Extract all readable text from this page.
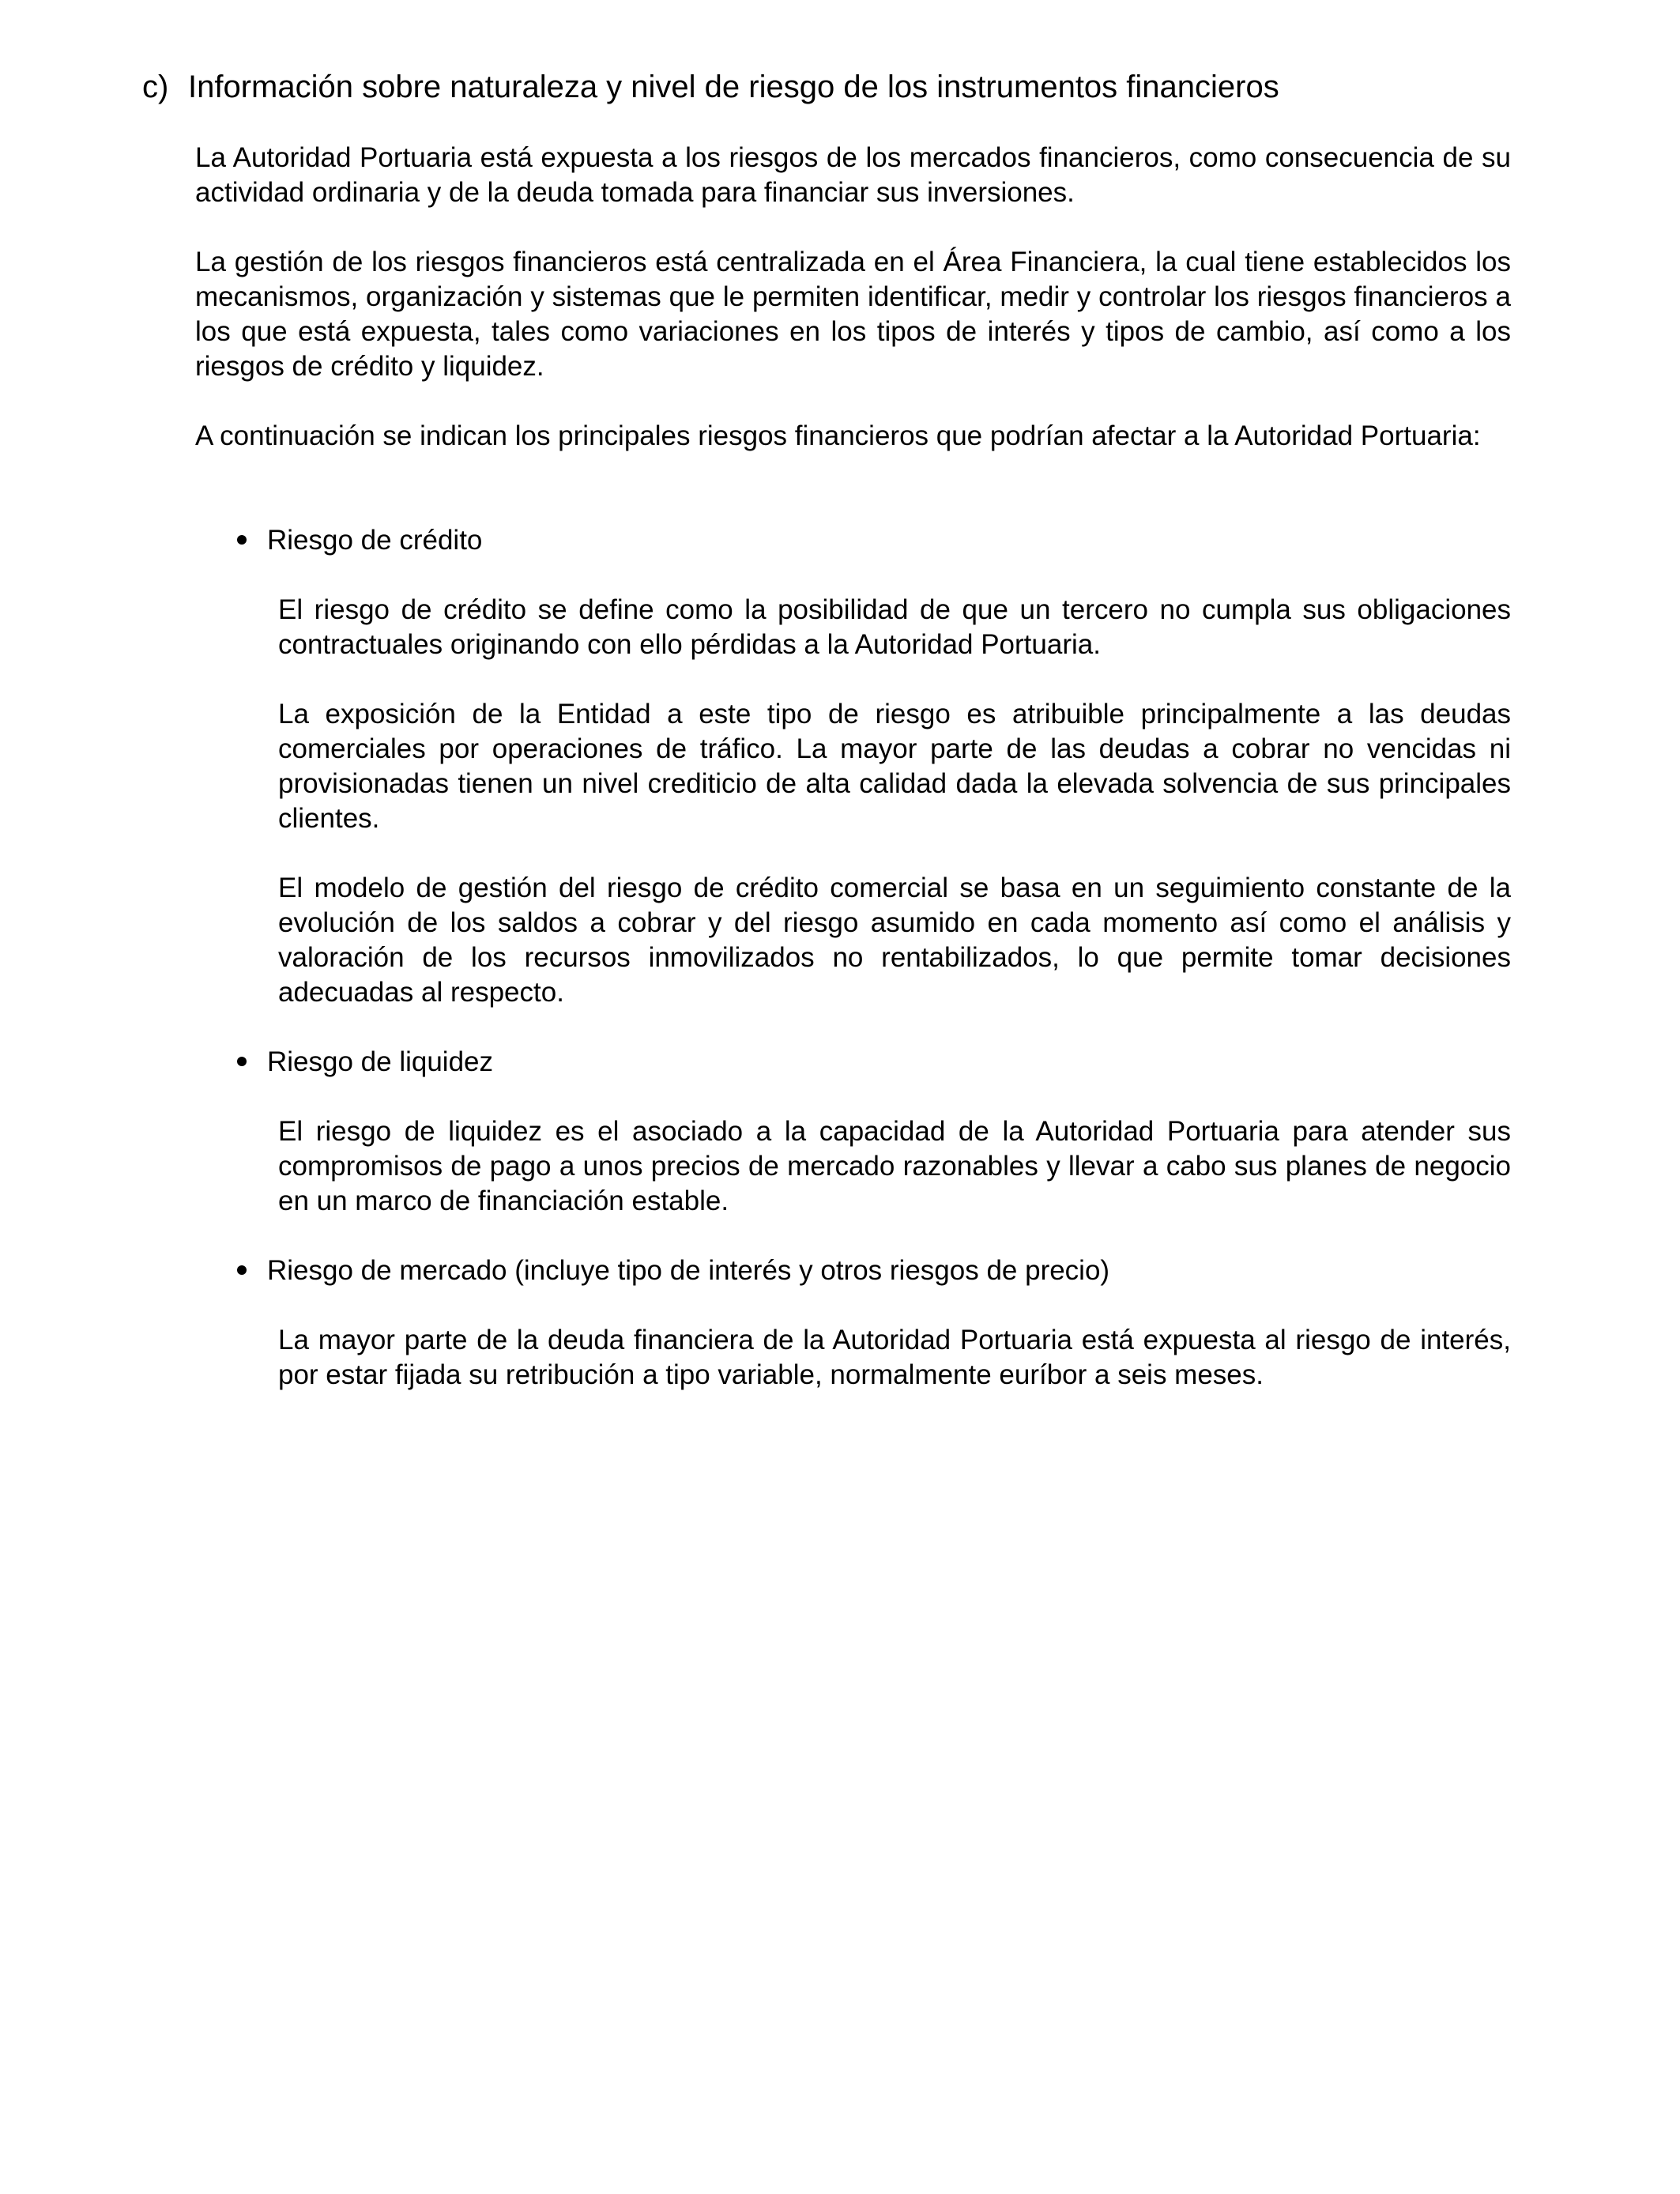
c) Información sobre naturaleza y nivel de riesgo de los instrumentos financieros

La Autoridad Portuaria está expuesta a los riesgos de los mercados financieros, como consecuencia de su actividad ordinaria y de la deuda tomada para financiar sus inversiones.

La gestión de los riesgos financieros está centralizada en el Área Financiera, la cual tiene establecidos los mecanismos, organización y sistemas que le permiten identificar, medir y controlar los riesgos financieros a los que está expuesta, tales como variaciones en los tipos de interés y tipos de cambio, así como a los riesgos de crédito y liquidez.

A continuación se indican los principales riesgos financieros que podrían afectar a la Autoridad Portuaria:

Riesgo de crédito

El riesgo de crédito se define como la posibilidad de que un tercero no cumpla sus obligaciones contractuales originando con ello pérdidas a la Autoridad Portuaria.

La exposición de la Entidad a este tipo de riesgo es atribuible principalmente a las deudas comerciales por operaciones de tráfico. La mayor parte de las deudas a cobrar no vencidas ni provisionadas tienen un nivel crediticio de alta calidad dada la elevada solvencia de sus principales clientes.

El modelo de gestión del riesgo de crédito comercial se basa en un seguimiento constante de la evolución de los saldos a cobrar y del riesgo asumido en cada momento así como el análisis y valoración de los recursos inmovilizados no rentabilizados, lo que permite tomar decisiones adecuadas al respecto.

Riesgo de liquidez

El riesgo de liquidez es el asociado a la capacidad de la Autoridad Portuaria para atender sus compromisos de pago a unos precios de mercado razonables y llevar a cabo sus planes de negocio en un marco de financiación estable.

Riesgo de mercado (incluye tipo de interés y otros riesgos de precio)

La mayor parte de la deuda financiera de la Autoridad Portuaria está expuesta al riesgo de interés, por estar fijada su retribución a tipo variable, normalmente euríbor a seis meses.
